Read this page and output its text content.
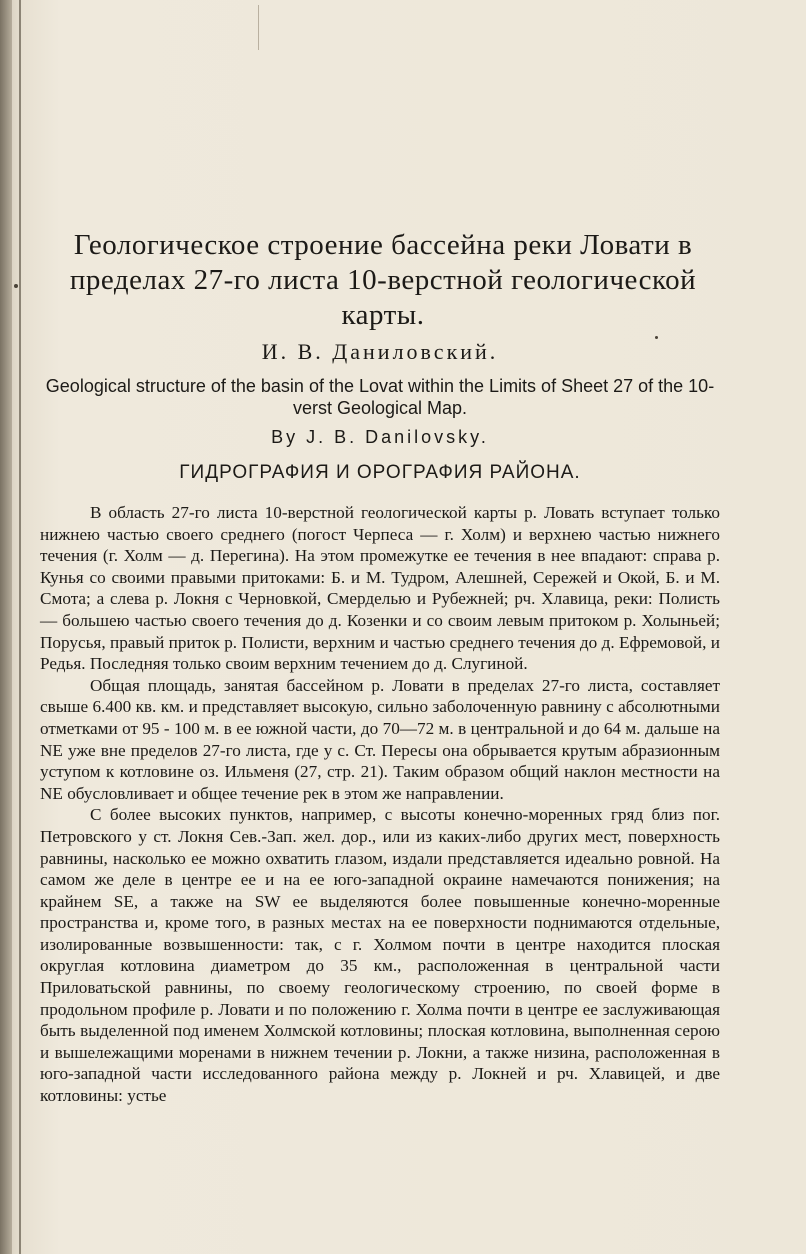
Геологическое строение бассейна реки Ловати в пределах 27-го листа 10-верстной геологической карты.
И. В. Даниловский.
Geological structure of the basin of the Lovat within the Limits of Sheet 27 of the 10-verst Geological Map.
By J. B. Danilovsky.
ГИДРОГРАФИЯ И ОРОГРАФИЯ РАЙОНА.

В область 27-го листа 10-верстной геологической карты р. Ловать вступает только нижнею частью своего среднего (погост Черпеса — г. Холм) и верхнею частью нижнего течения (г. Холм — д. Перегина). На этом промежутке ее течения в нее впадают: справа р. Кунья со своими правыми притоками: Б. и М. Тудром, Алешней, Сережей и Окой, Б. и М. Смота; а слева р. Локня с Черновкой, Смерделью и Рубежней; рч. Хлавица, реки: Полисть — большею частью своего течения до д. Козенки и со своим левым притоком р. Холыньей; Порусья, правый приток р. Полисти, верхним и частью среднего течения до д. Ефремовой, и Редья. Последняя только своим верхним течением до д. Слугиной.

Общая площадь, занятая бассейном р. Ловати в пределах 27-го листа, составляет свыше 6.400 кв. км. и представляет высокую, сильно заболоченную равнину с абсолютными отметками от 95 - 100 м. в ее южной части, до 70—72 м. в центральной и до 64 м. дальше на NE уже вне пределов 27-го листа, где у с. Ст. Пересы она обрывается крутым абразионным уступом к котловине оз. Ильменя (27, стр. 21). Таким образом общий наклон местности на NE обусловливает и общее течение рек в этом же направлении.

С более высоких пунктов, например, с высоты конечно-моренных гряд близ пог. Петровского у ст. Локня Сев.-Зап. жел. дор., или из каких-либо других мест, поверхность равнины, насколько ее можно охватить глазом, издали представляется идеально ровной. На самом же деле в центре ее и на ее юго-западной окраине намечаются понижения; на крайнем SE, а также на SW ее выделяются более повышенные конечно-моренные пространства и, кроме того, в разных местах на ее поверхности поднимаются отдельные, изолированные возвышенности: так, с г. Холмом почти в центре находится плоская округлая котловина диаметром до 35 км., расположенная в центральной части Приловатьской равнины, по своему геологическому строению, по своей форме в продольном профиле р. Ловати и по положению г. Холма почти в центре ее заслуживающая быть выделенной под именем Холмской котловины; плоская котловина, выполненная серою и вышележащими моренами в нижнем течении р. Локни, а также низина, расположенная в юго-западной части исследованного района между р. Локней и рч. Хлавицей, и две котловины: устье
